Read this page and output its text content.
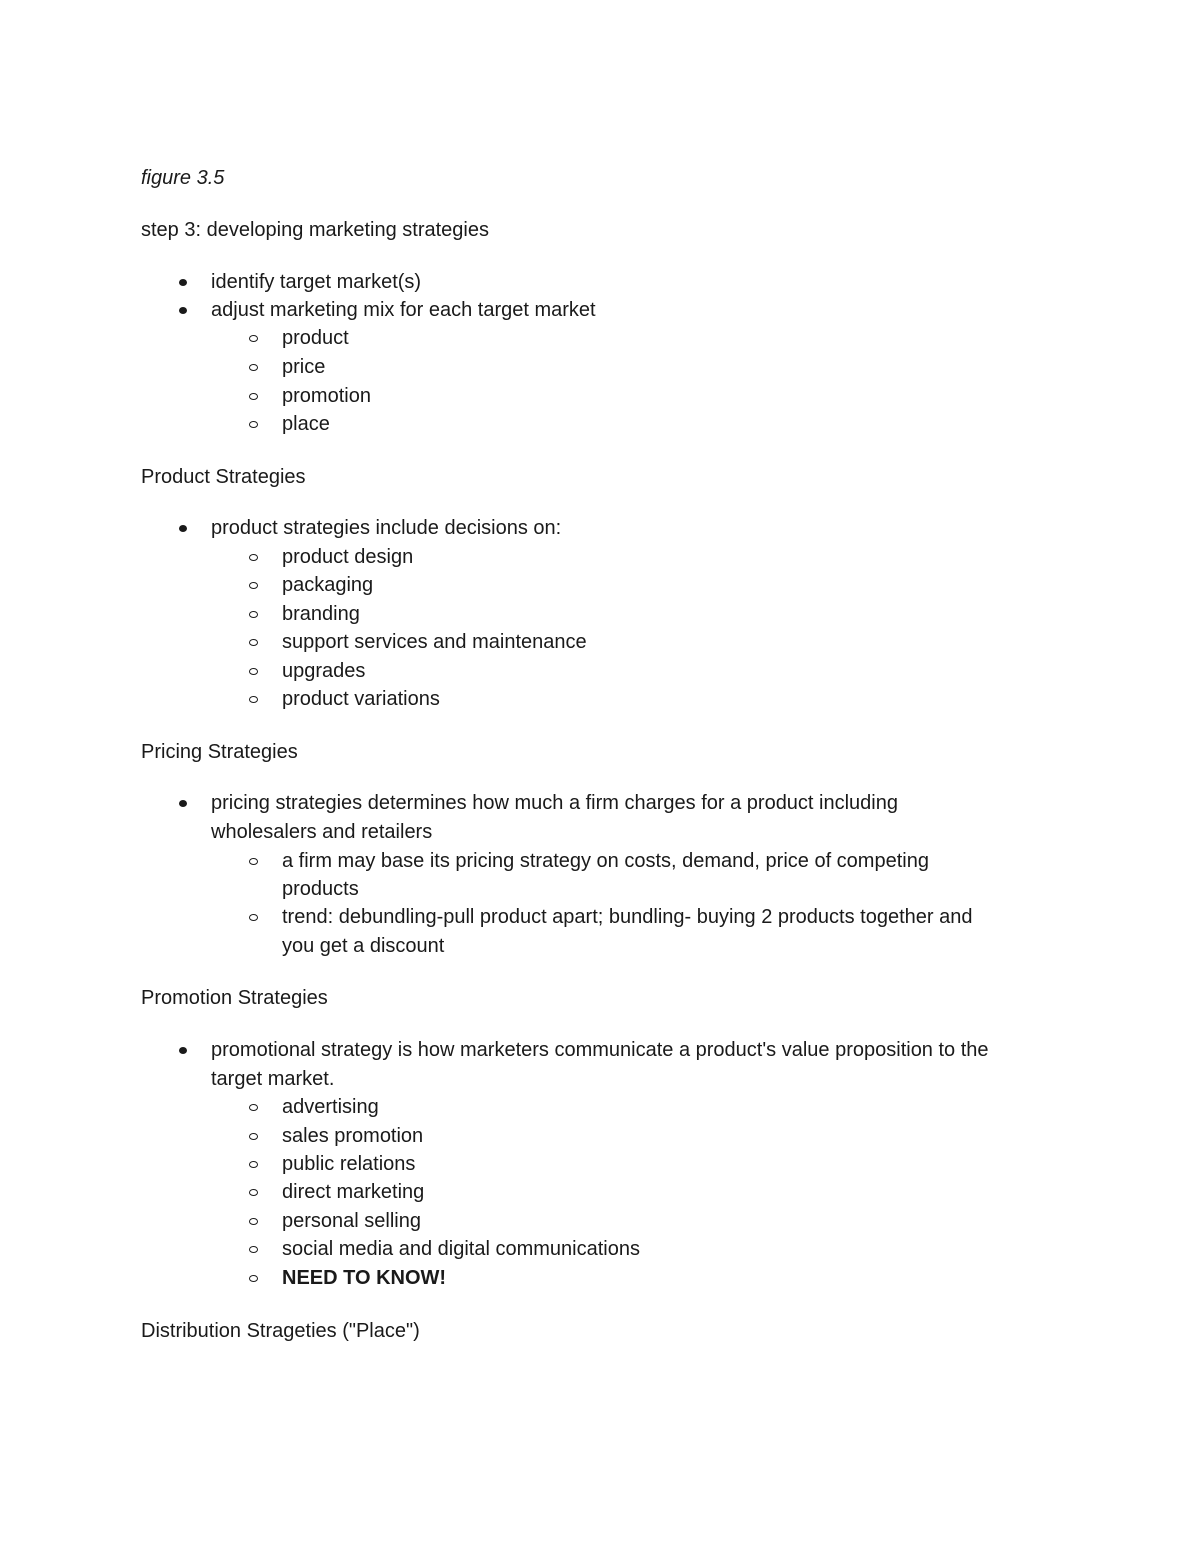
figure 3.5
step 3: developing marketing strategies
identify target market(s)
adjust marketing mix for each target market
product
price
promotion
place
Product Strategies
product strategies include decisions on:
product design
packaging
branding
support services and maintenance
upgrades
product variations
Pricing Strategies
pricing strategies determines how much a firm charges for a product including
wholesalers and retailers
a firm may base its pricing strategy on costs, demand, price of competing
products
trend: debundling-pull product apart; bundling- buying 2 products together and
you get a discount
Promotion Strategies
promotional strategy is how marketers communicate a product's value proposition to the
target market.
advertising
sales promotion
public relations
direct marketing
personal selling
social media and digital communications
NEED TO KNOW!
Distribution Strageties ("Place")
